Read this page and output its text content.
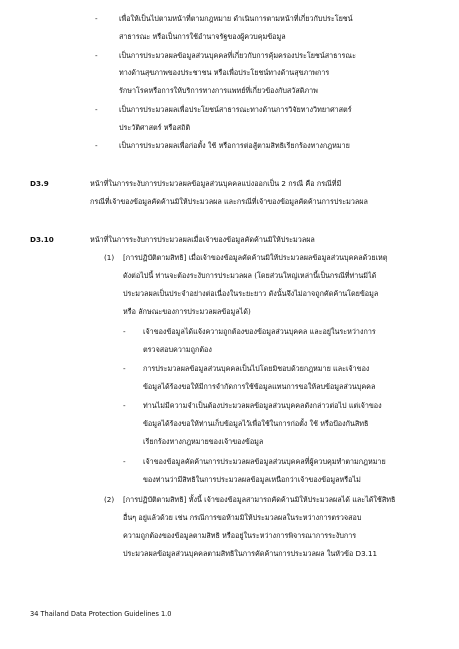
-	เพื่อให้เป็นไปตามหน้าที่ตามกฎหมาย ดำเนินการตามหน้าที่เกี่ยวกับประโยชน์
สาธารณะ หรือเป็นการใช้อำนาจรัฐของผู้ควบคุมข้อมูล
-	เป็นการประมวลผลข้อมูลส่วนบุคคลที่เกี่ยวกับการคุ้มครองประโยชน์สาธารณะ
ทางด้านสุขภาพของประชาชน หรือเพื่อประโยชน์ทางด้านสุขภาพการ
รักษาโรคหรือการให้บริการทางการแพทย์ที่เกี่ยวข้องกับสวัสดิภาพ
-	เป็นการประมวลผลเพื่อประโยชน์สาธารณะทางด้านการวิจัยทางวิทยาศาสตร์
ประวัติศาสตร์ หรือสถิติ
-	เป็นการประมวลผลเพื่อก่อตั้ง ใช้ หรือการต่อสู้ตามสิทธิเรียกร้องทางกฎหมาย
D3.9	หน้าที่ในการระงับการประมวลผลข้อมูลส่วนบุคคลแบ่งออกเป็น 2 กรณี คือ กรณีที่มี
กรณีที่เจ้าของข้อมูลคัดค้านมิให้ประมวลผล และกรณีที่เจ้าของข้อมูลคัดค้านการประมวลผล
D3.10	หน้าที่ในการระงับการประมวลผลเมื่อเจ้าของข้อมูลคัดค้านมิให้ประมวลผล
(1) [การปฏิบัติตามสิทธิ] เมื่อเจ้าของข้อมูลคัดค้านมิให้ประมวลผลข้อมูลส่วนบุคคลด้วยเหตุ
ดังต่อไปนี้ ท่านจะต้องระงับการประมวลผล (โดยส่วนใหญ่เหล่านี้เป็นกรณีที่ท่านมิได้
ประมวลผลเป็นประจำอย่างต่อเนื่องในระยะยาว ดังนั้นจึงไม่อาจถูกคัดค้านโดยข้อมูล
หรือ ลักษณะของการประมวลผลข้อมูลได้)
- เจ้าของข้อมูลได้แจ้งความถูกต้องของข้อมูลส่วนบุคคล และอยู่ในระหว่างการ
ตรวจสอบความถูกต้อง
- การประมวลผลข้อมูลส่วนบุคคลเป็นไปโดยมิชอบด้วยกฎหมาย และเจ้าของ
ข้อมูลได้ร้องขอให้มีการจำกัดการใช้ข้อมูลแทนการขอให้ลบข้อมูลส่วนบุคคล
- ท่านไม่มีความจำเป็นต้องประมวลผลข้อมูลส่วนบุคคลดังกล่าวต่อไป แต่เจ้าของ
ข้อมูลได้ร้องขอให้ท่านเก็บข้อมูลไว้เพื่อใช้ในการก่อตั้ง ใช้ หรือป้องกันสิทธิ
เรียกร้องทางกฎหมายของเจ้าของข้อมูล
- เจ้าของข้อมูลคัดค้านการประมวลผลข้อมูลส่วนบุคคลที่ผู้ควบคุมทำตามกฎหมาย
ของท่านว่ามีสิทธิในการประมวลผลข้อมูลเหนือกว่าเจ้าของข้อมูลหรือไม่
(2) [การปฏิบัติตามสิทธิ] ทั้งนี้ เจ้าของข้อมูลสามารถคัดค้านมิให้ประมวลผลได้ และได้ใช้สิทธิ
อื่นๆ อยู่แล้วด้วย เช่น กรณีการขอห้ามมิให้ประมวลผลในระหว่างการตรวจสอบ
ความถูกต้องของข้อมูลตามสิทธิ หรืออยู่ในระหว่างการพิจารณาการระงับการ
ประมวลผลข้อมูลส่วนบุคคลตามสิทธิในการคัดค้านการประมวลผล ในหัวข้อ D3.11
34 Thailand Data Protection Guidelines 1.0
